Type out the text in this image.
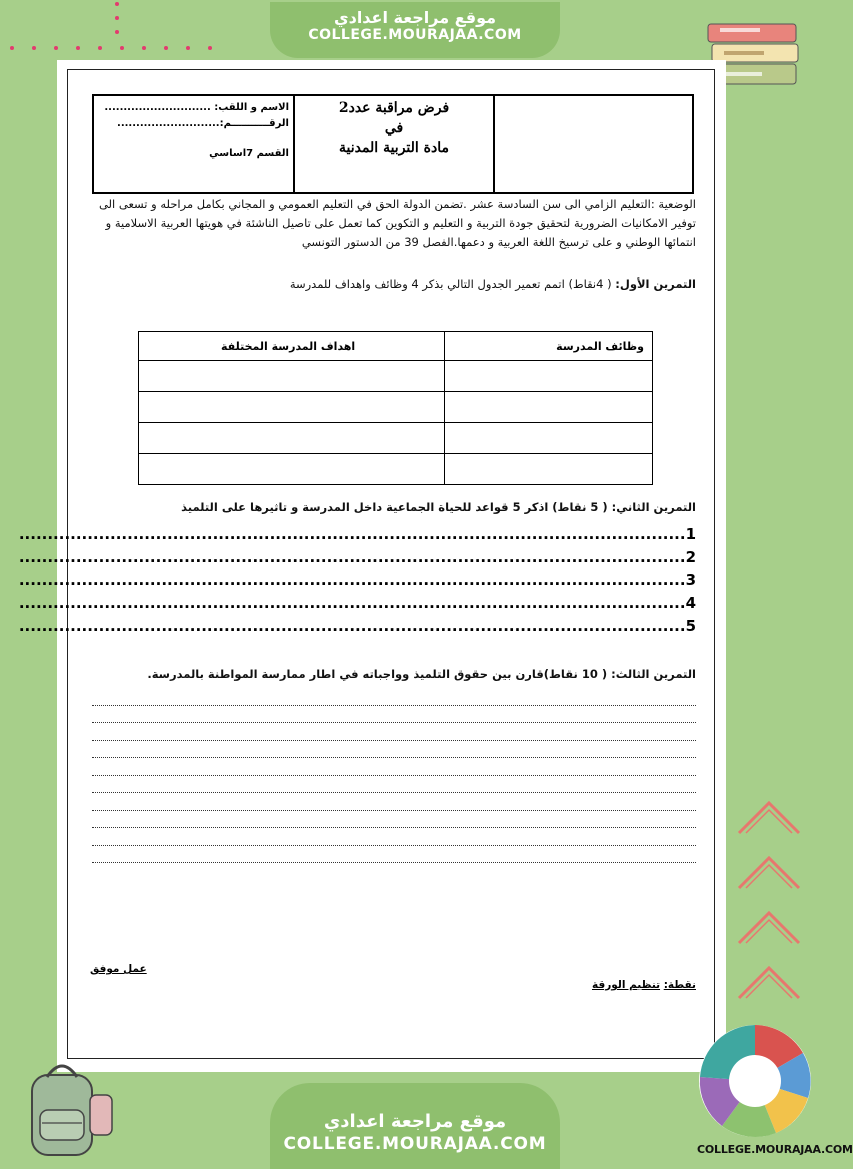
موقع مراجعة اعدادي
COLLEGE.MOURAJAA.COM
الاسم و اللقب: ............................
الرقـــــــــــم:...........................
القسم 7اساسي
فرض مراقبة عدد2
في
مادة التربية المدنية
الوضعية :التعليم الزامي الى سن السادسة عشر .تضمن الدولة الحق في التعليم العمومي و المجاني بكامل مراحله و تسعى الى توفير الامكانيات الضرورية لتحقيق جودة التربية و التعليم و التكوين كما تعمل على تاصيل الناشئة في هويتها العربية الاسلامية و انتمائها الوطني و على ترسيخ اللغة العربية و دعمها.الفصل 39 من الدستور التونسي
التمرين الأول: ( 4نقاط) اتمم تعمير الجدول التالي بذكر 4 وظائف واهداف للمدرسة
وظائف المدرسة	اهداف المدرسة المختلفة

التمرين الثاني: ( 5 نقاط) اذكر 5 قواعد للحياة الجماعية داخل المدرسة و تاثيرها على التلميذ
1.....................................................................................................................
2.....................................................................................................................
3.....................................................................................................................
4.....................................................................................................................
5.....................................................................................................................
التمرين الثالث: ( 10 نقاط)قارن بين حقوق التلميذ وواجباته في اطار ممارسة المواطنة بالمدرسة.
عمل موفق
نقطة: تنظيم الورقة
موقع مراجعة اعدادي
COLLEGE.MOURAJAA.COM	COLLEGE.MOURAJAA.COM
